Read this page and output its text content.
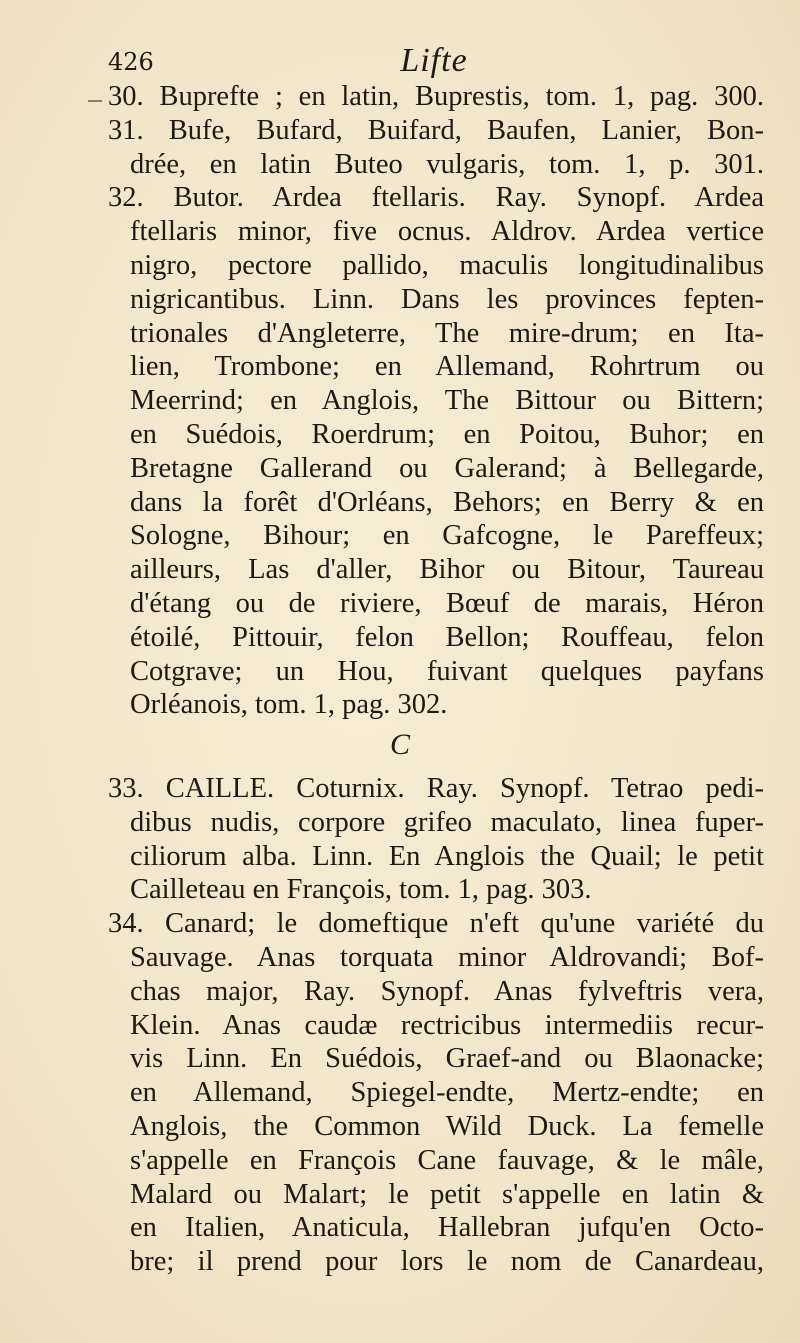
426	Lifte
30. Buprefte ; en latin, Buprestis, tom. 1, pag. 300.
31. Bufe, Bufard, Buifard, Baufen, Lanier, Bon-
drée, en latin Buteo vulgaris, tom. 1, p. 301.
32. Butor. Ardea ftellaris. Ray. Synopf. Ardea
ftellaris minor, five ocnus. Aldrov. Ardea vertice
nigro, pectore pallido, maculis longitudinalibus
nigricantibus. Linn. Dans les provinces fepten-
trionales d'Angleterre, The mire-drum; en Ita-
lien, Trombone; en Allemand, Rohrtrum ou
Meerrind; en Anglois, The Bittour ou Bittern;
en Suédois, Roerdrum; en Poitou, Buhor; en
Bretagne Gallerand ou Galerand; à Bellegarde,
dans la forêt d'Orléans, Behors; en Berry & en
Sologne, Bihour; en Gafcogne, le Pareffeux;
ailleurs, Las d'aller, Bihor ou Bitour, Taureau
d'étang ou de riviere, Bœuf de marais, Héron
étoilé, Pittouir, felon Bellon; Rouffeau, felon
Cotgrave; un Hou, fuivant quelques payfans
Orléanois, tom. 1, pag. 302.
C
33. CAILLE. Coturnix. Ray. Synopf. Tetrao pedi-
dibus nudis, corpore grifeo maculato, linea fuper-
ciliorum alba. Linn. En Anglois the Quail; le petit
Cailleteau en François, tom. 1, pag. 303.
34. Canard; le domeftique n'eft qu'une variété du
Sauvage. Anas torquata minor Aldrovandi; Bof-
chas major, Ray. Synopf. Anas fylveftris vera,
Klein. Anas caudæ rectricibus intermediis recur-
vis Linn. En Suédois, Graef-and ou Blaonacke;
en Allemand, Spiegel-endte, Mertz-endte; en
Anglois, the Common Wild Duck. La femelle
s'appelle en François Cane fauvage, & le mâle,
Malard ou Malart; le petit s'appelle en latin &
en Italien, Anaticula, Hallebran jufqu'en Octo-
bre; il prend pour lors le nom de Canardeau,
